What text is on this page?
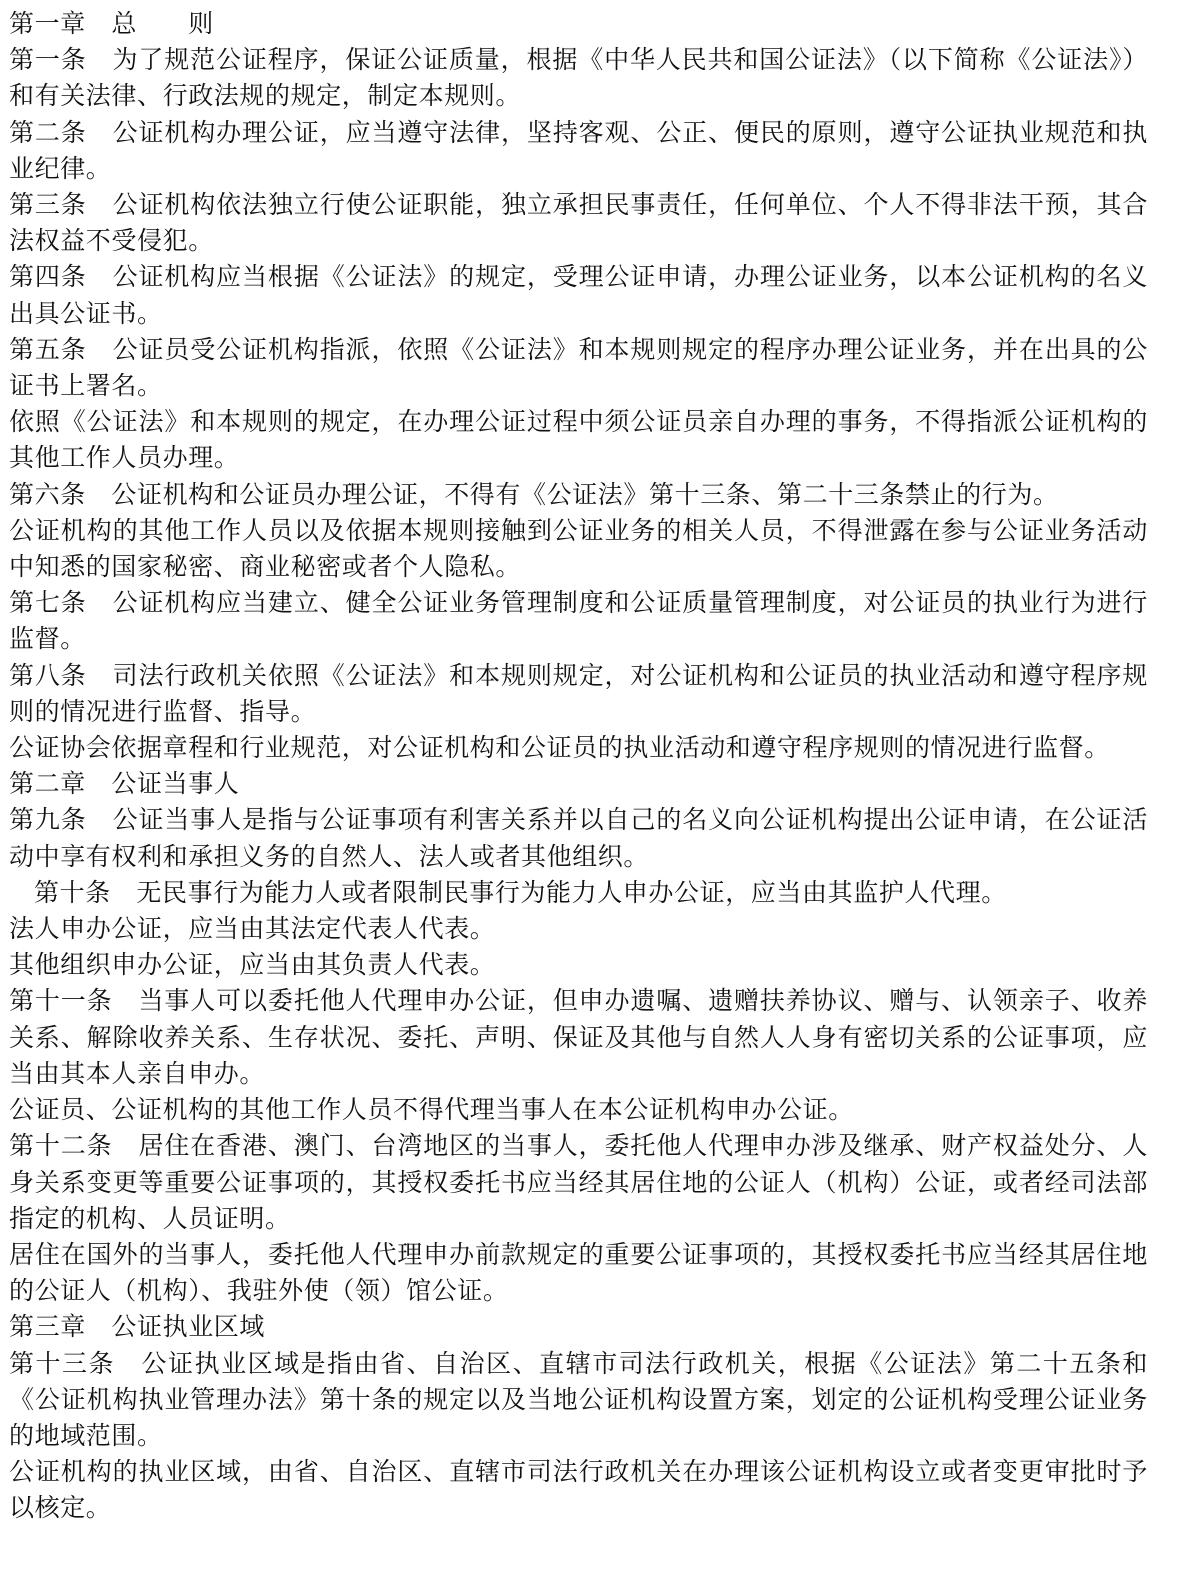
第一章　总　　则

第一条　为了规范公证程序，保证公证质量，根据《中华人民共和国公证法》（以下简称《公证法》）和有关法律、行政法规的规定，制定本规则。

第二条　公证机构办理公证，应当遵守法律，坚持客观、公正、便民的原则，遵守公证执业规范和执业纪律。

第三条　公证机构依法独立行使公证职能，独立承担民事责任，任何单位、个人不得非法干预，其合法权益不受侵犯。

第四条　公证机构应当根据《公证法》的规定，受理公证申请，办理公证业务，以本公证机构的名义出具公证书。

第五条　公证员受公证机构指派，依照《公证法》和本规则规定的程序办理公证业务，并在出具的公证书上署名。

依照《公证法》和本规则的规定，在办理公证过程中须公证员亲自办理的事务，不得指派公证机构的其他工作人员办理。

第六条　公证机构和公证员办理公证，不得有《公证法》第十三条、第二十三条禁止的行为。

公证机构的其他工作人员以及依据本规则接触到公证业务的相关人员，不得泄露在参与公证业务活动中知悉的国家秘密、商业秘密或者个人隐私。

第七条　公证机构应当建立、健全公证业务管理制度和公证质量管理制度，对公证员的执业行为进行监督。

第八条　司法行政机关依照《公证法》和本规则规定，对公证机构和公证员的执业活动和遵守程序规则的情况进行监督、指导。

公证协会依据章程和行业规范，对公证机构和公证员的执业活动和遵守程序规则的情况进行监督。

第二章　公证当事人

第九条　公证当事人是指与公证事项有利害关系并以自己的名义向公证机构提出公证申请，在公证活动中享有权利和承担义务的自然人、法人或者其他组织。

第十条　无民事行为能力人或者限制民事行为能力人申办公证，应当由其监护人代理。

法人申办公证，应当由其法定代表人代表。

其他组织申办公证，应当由其负责人代表。

第十一条　当事人可以委托他人代理申办公证，但申办遗嘱、遗赠扶养协议、赠与、认领亲子、收养关系、解除收养关系、生存状况、委托、声明、保证及其他与自然人人身有密切关系的公证事项，应当由其本人亲自申办。

公证员、公证机构的其他工作人员不得代理当事人在本公证机构申办公证。

第十二条　居住在香港、澳门、台湾地区的当事人，委托他人代理申办涉及继承、财产权益处分、人身关系变更等重要公证事项的，其授权委托书应当经其居住地的公证人（机构）公证，或者经司法部指定的机构、人员证明。

居住在国外的当事人，委托他人代理申办前款规定的重要公证事项的，其授权委托书应当经其居住地的公证人（机构）、我驻外使（领）馆公证。

第三章　公证执业区域

第十三条　公证执业区域是指由省、自治区、直辖市司法行政机关，根据《公证法》第二十五条和《公证机构执业管理办法》第十条的规定以及当地公证机构设置方案，划定的公证机构受理公证业务的地域范围。

公证机构的执业区域，由省、自治区、直辖市司法行政机关在办理该公证机构设立或者变更审批时予以核定。
